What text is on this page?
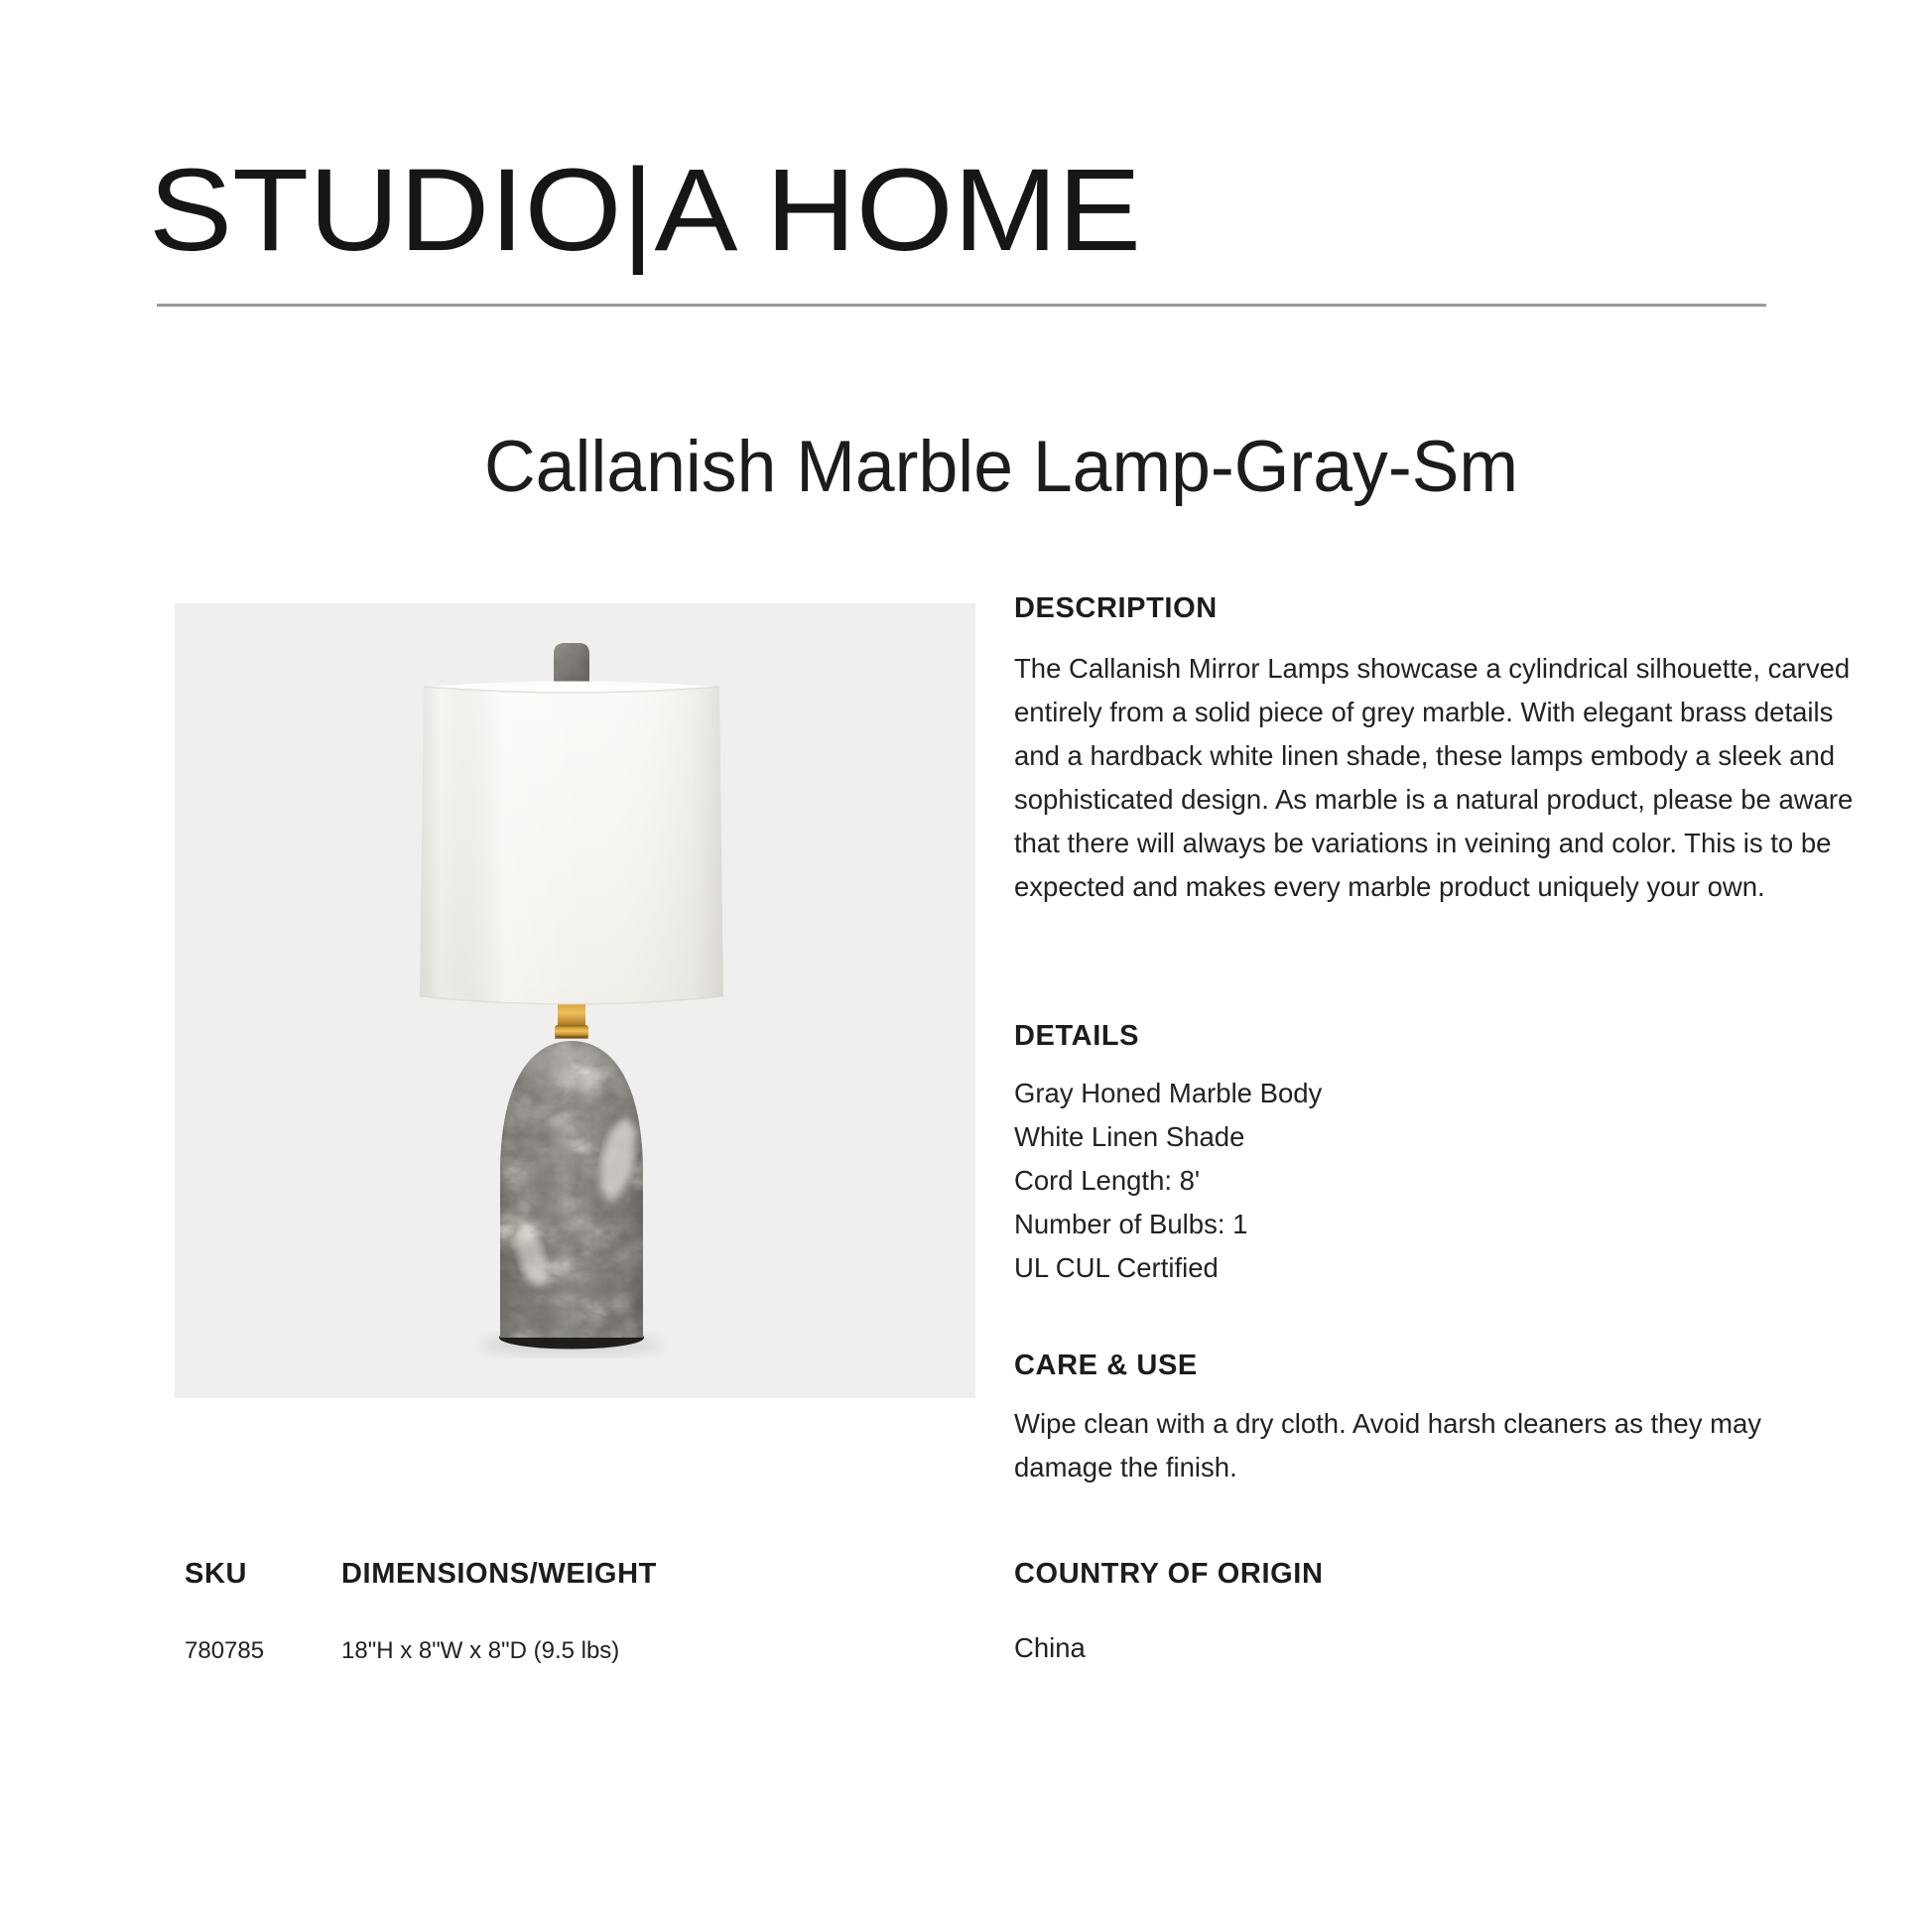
STUDIO|A HOME
Callanish Marble Lamp-Gray-Sm
DESCRIPTION
The Callanish Mirror Lamps showcase a cylindrical silhouette, carved entirely from a solid piece of grey marble. With elegant brass details and a hardback white linen shade, these lamps embody a sleek and sophisticated design. As marble is a natural product, please be aware that there will always be variations in veining and color. This is to be expected and makes every marble product uniquely your own.
DETAILS
Gray Honed Marble Body
White Linen Shade
Cord Length: 8'
Number of Bulbs: 1
UL CUL Certified
CARE & USE
Wipe clean with a dry cloth. Avoid harsh cleaners as they may damage the finish.
SKU	DIMENSIONS/WEIGHT	COUNTRY OF ORIGIN
780785	18"H x 8"W x 8"D (9.5 lbs)	China
